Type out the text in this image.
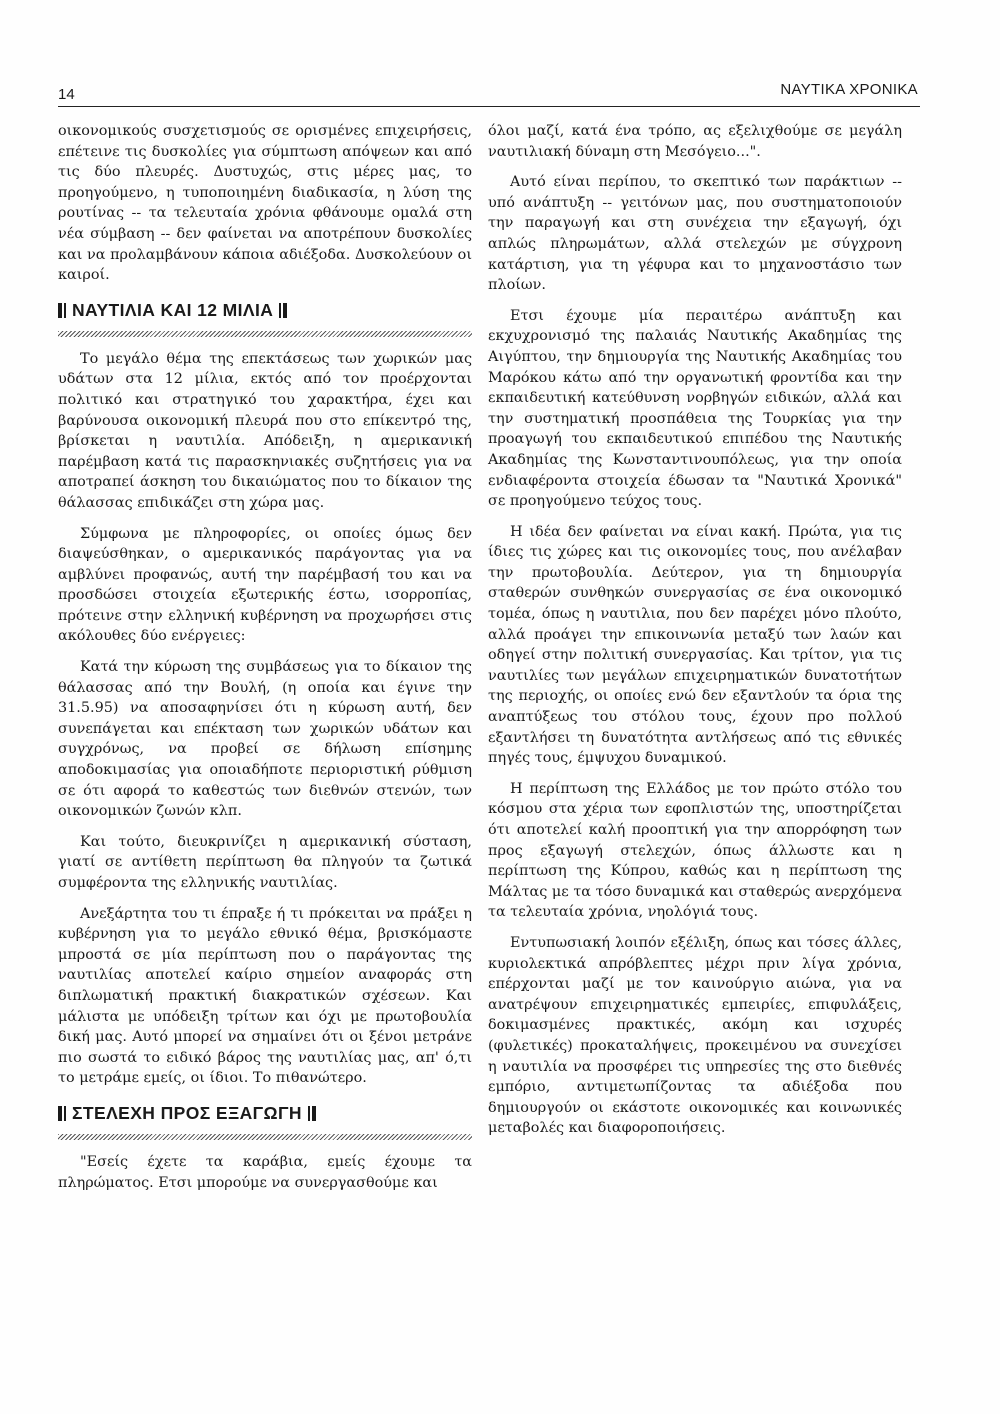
14	ΝΑΥΤΙΚΑ ΧΡΟΝΙΚΑ

οικονομικούς συσχετισμούς σε ορισμένες επιχειρήσεις, επέτεινε τις δυσκολίες για σύμπτωση απόψεων και από τις δύο πλευρές. Δυστυχώς, στις μέρες μας, το προηγούμενο, η τυποποιημένη διαδικασία, η λύση της ρουτίνας -- τα τελευταία χρόνια φθάνουμε ομαλά στη νέα σύμβαση -- δεν φαίνεται να αποτρέπουν δυσκολίες και να προλαμβάνουν κάποια αδιέξοδα. Δυσκολεύουν οι καιροί.

ΝΑΥΤΙΛΙΑ ΚΑΙ 12 ΜΙΛΙΑ

Το μεγάλο θέμα της επεκτάσεως των χωρικών μας υδάτων στα 12 μίλια, εκτός από τον προέρχονται πολιτικό και στρατηγικό του χαρακτήρα, έχει και βαρύνουσα οικονομική πλευρά που στο επίκεντρό της, βρίσκεται η ναυτιλία. Απόδειξη, η αμερικανική παρέμβαση κατά τις παρασκηνιακές συζητήσεις για να αποτραπεί άσκηση του δικαιώματος που το δίκαιον της θάλασσας επιδικάζει στη χώρα μας.

Σύμφωνα με πληροφορίες, οι οποίες όμως δεν διαψεύσθηκαν, ο αμερικανικός παράγοντας για να αμβλύνει προφανώς, αυτή την παρέμβασή του και να προσδώσει στοιχεία εξωτερικής έστω, ισορροπίας, πρότεινε στην ελληνική κυβέρνηση να προχωρήσει στις ακόλουθες δύο ενέργειες:

Κατά την κύρωση της συμβάσεως για το δίκαιον της θάλασσας από την Βουλή, (η οποία και έγινε την 31.5.95) να αποσαφηνίσει ότι η κύρωση αυτή, δεν συνεπάγεται και επέκταση των χωρικών υδάτων και συγχρόνως, να προβεί σε δήλωση επίσημης αποδοκιμασίας για οποιαδήποτε περιοριστική ρύθμιση σε ότι αφορά το καθεστώς των διεθνών στενών, των οικονομικών ζωνών κλπ.

Και τούτο, διευκρινίζει η αμερικανική σύσταση, γιατί σε αντίθετη περίπτωση θα πληγούν τα ζωτικά συμφέροντα της ελληνικής ναυτιλίας.

Ανεξάρτητα του τι έπραξε ή τι πρόκειται να πράξει η κυβέρνηση για το μεγάλο εθνικό θέμα, βρισκόμαστε μπροστά σε μία περίπτωση που ο παράγοντας της ναυτιλίας αποτελεί καίριο σημείον αναφοράς στη διπλωματική πρακτική διακρατικών σχέσεων. Και μάλιστα με υπόδειξη τρίτων και όχι με πρωτοβουλία δική μας. Αυτό μπορεί να σημαίνει ότι οι ξένοι μετράνε πιο σωστά το ειδικό βάρος της ναυτιλίας μας, απ' ό,τι το μετράμε εμείς, οι ίδιοι. Το πιθανώτερο.

ΣΤΕΛΕΧΗ ΠΡΟΣ ΕΞΑΓΩΓΗ

"Εσείς έχετε τα καράβια, εμείς έχουμε τα πληρώματος. Ετσι μπορούμε να συνεργασθούμε και

όλοι μαζί, κατά ένα τρόπο, ας εξελιχθούμε σε μεγάλη ναυτιλιακή δύναμη στη Μεσόγειο...".

Αυτό είναι περίπου, το σκεπτικό των παράκτιων -- υπό ανάπτυξη -- γειτόνων μας, που συστηματοποιούν την παραγωγή και στη συνέχεια την εξαγωγή, όχι απλώς πληρωμάτων, αλλά στελεχών με σύγχρονη κατάρτιση, για τη γέφυρα και το μηχανοστάσιο των πλοίων.

Ετσι έχουμε μία περαιτέρω ανάπτυξη και εκχυχρονισμό της παλαιάς Ναυτικής Ακαδημίας της Αιγύπτου, την δημιουργία της Ναυτικής Ακαδημίας του Μαρόκου κάτω από την οργανωτική φροντίδα και την εκπαιδευτική κατεύθυνση νορβηγών ειδικών, αλλά και την συστηματική προσπάθεια της Τουρκίας για την προαγωγή του εκπαιδευτικού επιπέδου της Ναυτικής Ακαδημίας της Κωνσταντινουπόλεως, για την οποία ενδιαφέροντα στοιχεία έδωσαν τα "Ναυτικά Χρονικά" σε προηγούμενο τεύχος τους.

Η ιδέα δεν φαίνεται να είναι κακή. Πρώτα, για τις ίδιες τις χώρες και τις οικονομίες τους, που ανέλαβαν την πρωτοβουλία. Δεύτερον, για τη δημιουργία σταθερών συνθηκών συνεργασίας σε ένα οικονομικό τομέα, όπως η ναυτιλια, που δεν παρέχει μόνο πλούτο, αλλά προάγει την επικοινωνία μεταξύ των λαών και οδηγεί στην πολιτική συνεργασίας. Και τρίτον, για τις ναυτιλίες των μεγάλων επιχειρηματικών δυνατοτήτων της περιοχής, οι οποίες ενώ δεν εξαντλούν τα όρια της αναπτύξεως του στόλου τους, έχουν προ πολλού εξαντλήσει τη δυνατότητα αντλήσεως από τις εθνικές πηγές τους, έμψυχου δυναμικού.

Η περίπτωση της Ελλάδος με τον πρώτο στόλο του κόσμου στα χέρια των εφοπλιστών της, υποστηρίζεται ότι αποτελεί καλή προοπτική για την απορρόφηση των προς εξαγωγή στελεχών, όπως άλλωστε και η περίπτωση της Κύπρου, καθώς και η περίπτωση της Μάλτας με τα τόσο δυναμικά και σταθερώς ανερχόμενα τα τελευταία χρόνια, νηολόγιά τους.

Εντυπωσιακή λοιπόν εξέλιξη, όπως και τόσες άλλες, κυριολεκτικά απρόβλεπτες μέχρι πριν λίγα χρόνια, επέρχονται μαζί με τον καινούργιο αιώνα, για να ανατρέψουν επιχειρηματικές εμπειρίες, επιφυλάξεις, δοκιμασμένες πρακτικές, ακόμη και ισχυρές (φυλετικές) προκαταλήψεις, προκειμένου να συνεχίσει η ναυτιλία να προσφέρει τις υπηρεσίες της στο διεθνές εμπόριο, αντιμετωπίζοντας τα αδιέξοδα που δημιουργούν οι εκάστοτε οικονομικές και κοινωνικές μεταβολές και διαφοροποιήσεις.
